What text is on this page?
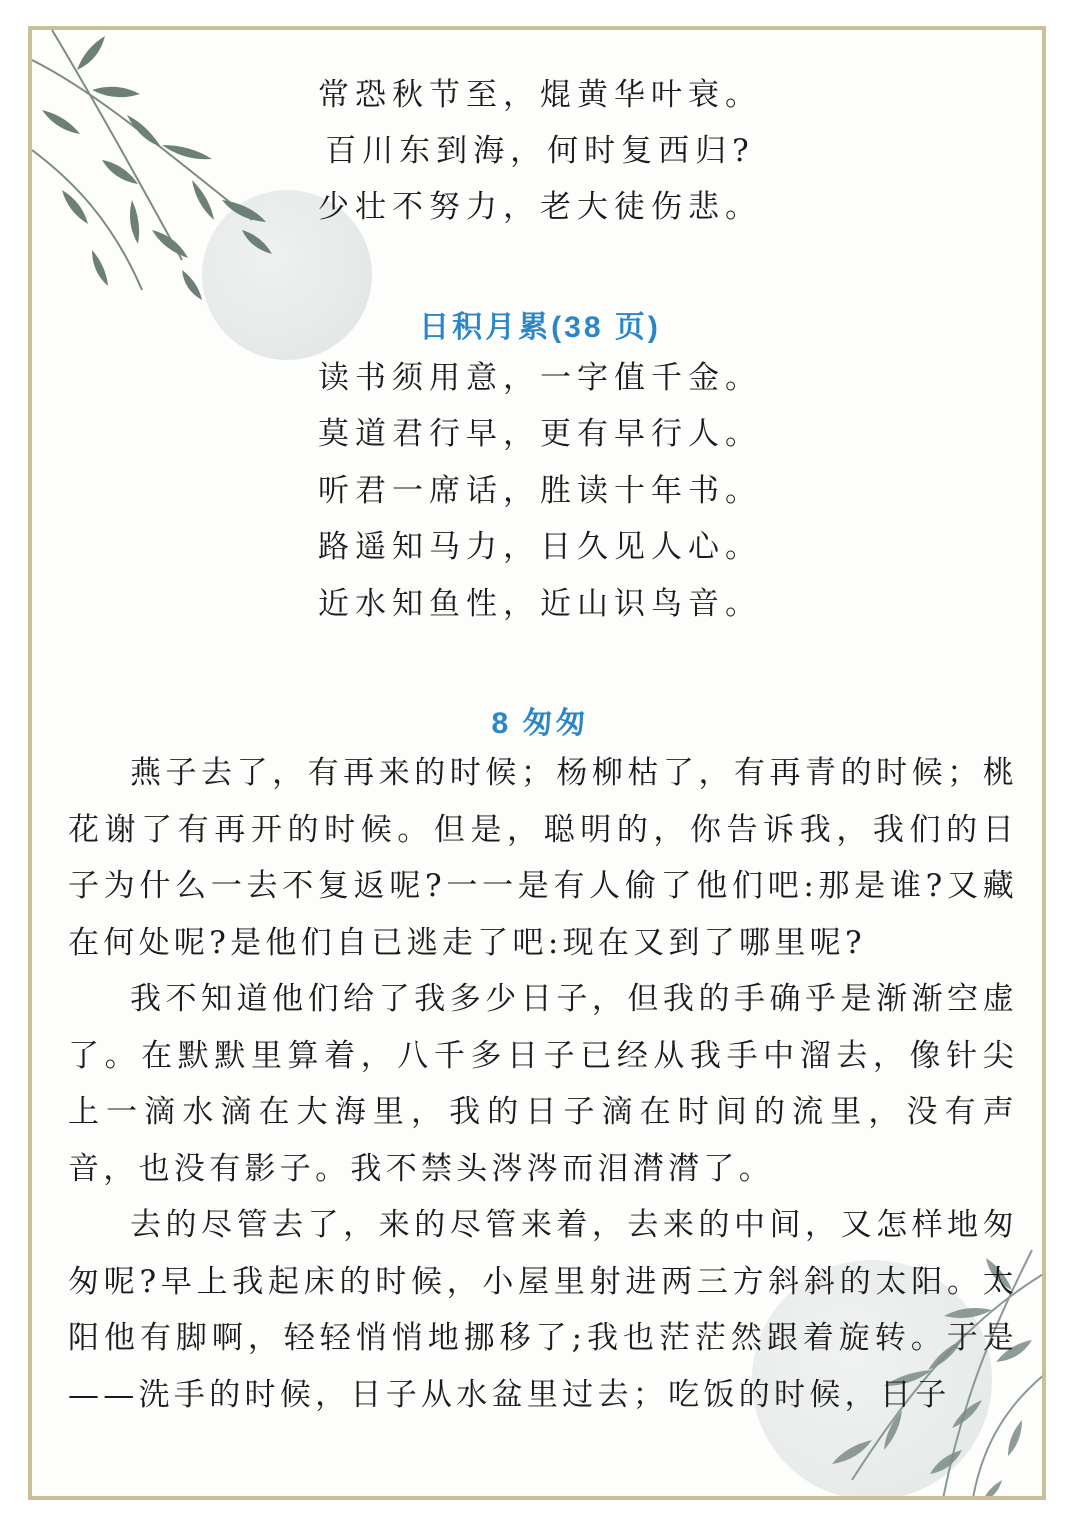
常恐秋节至，焜黄华叶衰。
百川东到海，何时复西归?
少壮不努力，老大徒伤悲。
日积月累(38 页)
读书须用意，一字值千金。
莫道君行早，更有早行人。
听君一席话，胜读十年书。
路遥知马力，日久见人心。
近水知鱼性，近山识鸟音。
8 匆匆

燕子去了，有再来的时候；杨柳枯了，有再青的时候；桃花谢了有再开的时候。但是，聪明的，你告诉我，我们的日子为什么一去不复返呢?一一是有人偷了他们吧:那是谁?又藏在何处呢?是他们自已逃走了吧:现在又到了哪里呢?

我不知道他们给了我多少日子，但我的手确乎是渐渐空虚了。在默默里算着，八千多日子已经从我手中溜去，像针尖上一滴水滴在大海里，我的日子滴在时间的流里，没有声音，也没有影子。我不禁头涔涔而泪潸潸了。

去的尽管去了，来的尽管来着，去来的中间，又怎样地匆匆呢?早上我起床的时候，小屋里射进两三方斜斜的太阳。太阳他有脚啊，轻轻悄悄地挪移了;我也茫茫然跟着旋转。于是——洗手的时候，日子从水盆里过去；吃饭的时候，日子
